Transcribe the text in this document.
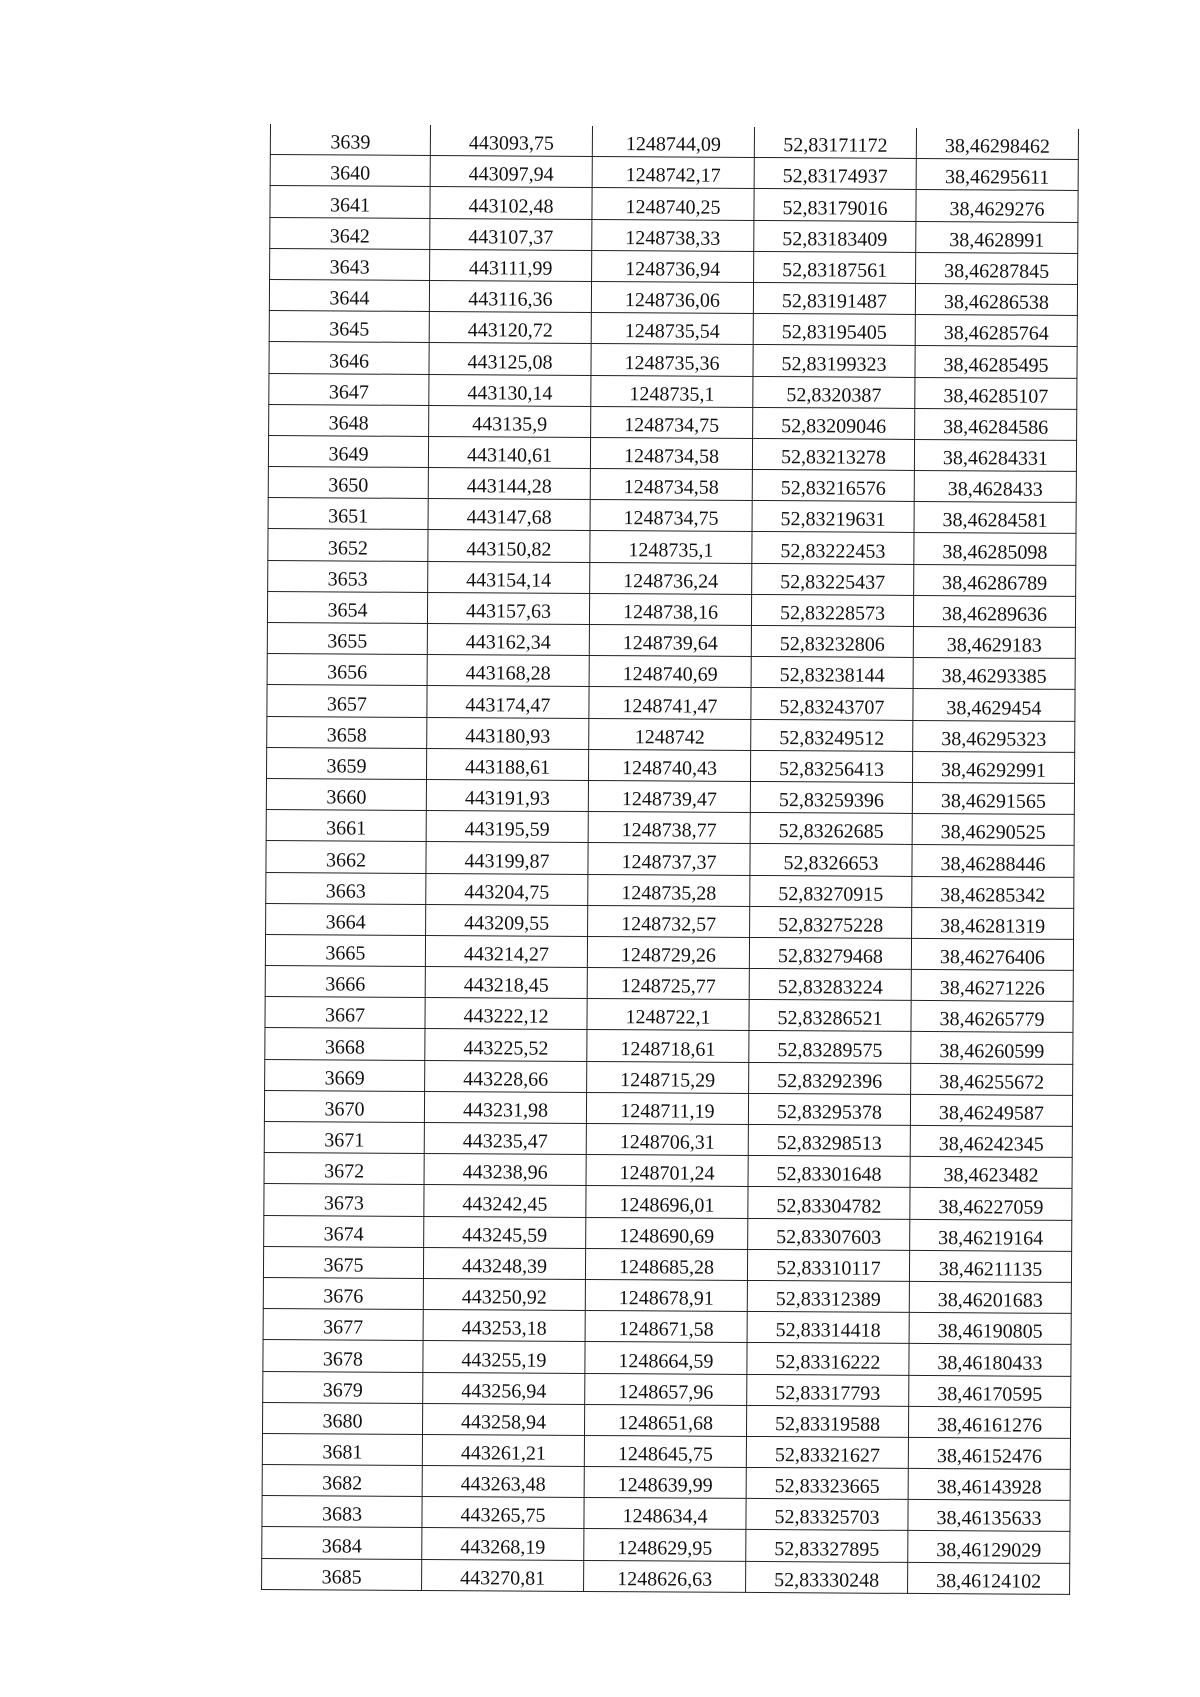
3639	443093,75	1248744,09	52,83171172	38,46298462
3640	443097,94	1248742,17	52,83174937	38,46295611
3641	443102,48	1248740,25	52,83179016	38,4629276
3642	443107,37	1248738,33	52,83183409	38,4628991
3643	443111,99	1248736,94	52,83187561	38,46287845
3644	443116,36	1248736,06	52,83191487	38,46286538
3645	443120,72	1248735,54	52,83195405	38,46285764
3646	443125,08	1248735,36	52,83199323	38,46285495
3647	443130,14	1248735,1	52,8320387	38,46285107
3648	443135,9	1248734,75	52,83209046	38,46284586
3649	443140,61	1248734,58	52,83213278	38,46284331
3650	443144,28	1248734,58	52,83216576	38,4628433
3651	443147,68	1248734,75	52,83219631	38,46284581
3652	443150,82	1248735,1	52,83222453	38,46285098
3653	443154,14	1248736,24	52,83225437	38,46286789
3654	443157,63	1248738,16	52,83228573	38,46289636
3655	443162,34	1248739,64	52,83232806	38,4629183
3656	443168,28	1248740,69	52,83238144	38,46293385
3657	443174,47	1248741,47	52,83243707	38,4629454
3658	443180,93	1248742	52,83249512	38,46295323
3659	443188,61	1248740,43	52,83256413	38,46292991
3660	443191,93	1248739,47	52,83259396	38,46291565
3661	443195,59	1248738,77	52,83262685	38,46290525
3662	443199,87	1248737,37	52,8326653	38,46288446
3663	443204,75	1248735,28	52,83270915	38,46285342
3664	443209,55	1248732,57	52,83275228	38,46281319
3665	443214,27	1248729,26	52,83279468	38,46276406
3666	443218,45	1248725,77	52,83283224	38,46271226
3667	443222,12	1248722,1	52,83286521	38,46265779
3668	443225,52	1248718,61	52,83289575	38,46260599
3669	443228,66	1248715,29	52,83292396	38,46255672
3670	443231,98	1248711,19	52,83295378	38,46249587
3671	443235,47	1248706,31	52,83298513	38,46242345
3672	443238,96	1248701,24	52,83301648	38,4623482
3673	443242,45	1248696,01	52,83304782	38,46227059
3674	443245,59	1248690,69	52,83307603	38,46219164
3675	443248,39	1248685,28	52,83310117	38,46211135
3676	443250,92	1248678,91	52,83312389	38,46201683
3677	443253,18	1248671,58	52,83314418	38,46190805
3678	443255,19	1248664,59	52,83316222	38,46180433
3679	443256,94	1248657,96	52,83317793	38,46170595
3680	443258,94	1248651,68	52,83319588	38,46161276
3681	443261,21	1248645,75	52,83321627	38,46152476
3682	443263,48	1248639,99	52,83323665	38,46143928
3683	443265,75	1248634,4	52,83325703	38,46135633
3684	443268,19	1248629,95	52,83327895	38,46129029
3685	443270,81	1248626,63	52,83330248	38,46124102
